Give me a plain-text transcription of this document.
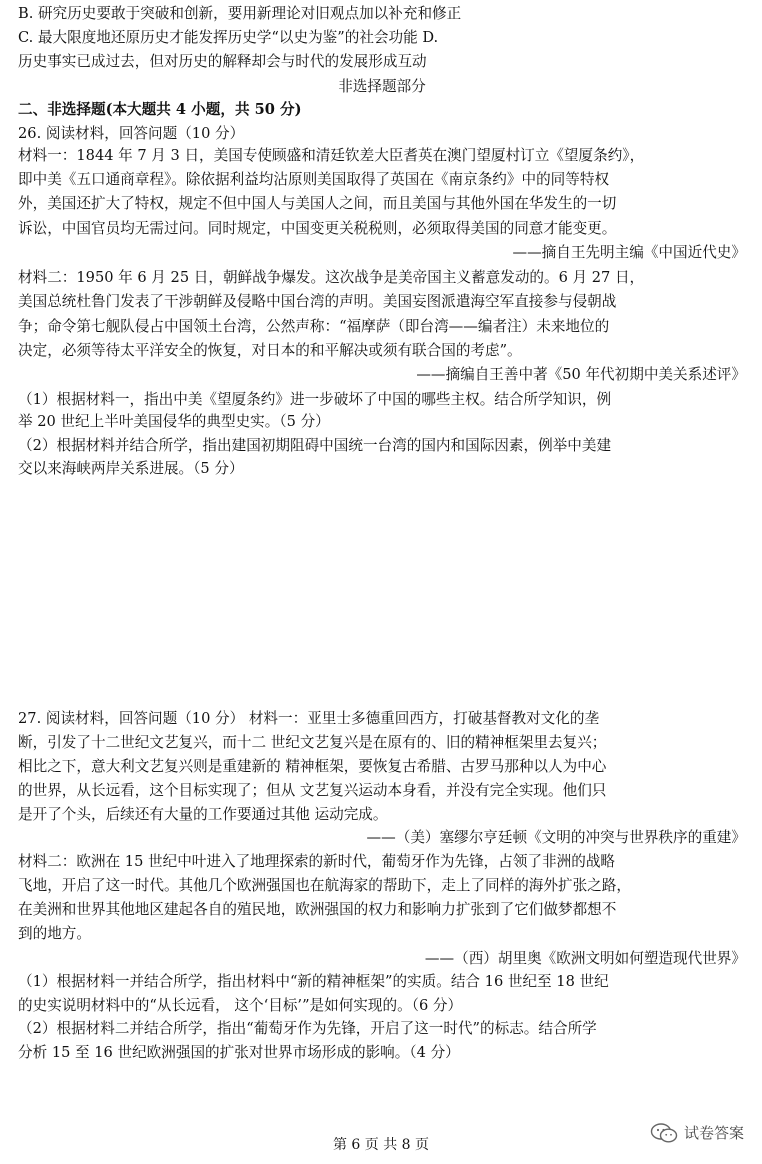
B. 研究历史要敢于突破和创新，要用新理论对旧观点加以补充和修正
C. 最大限度地还原历史才能发挥历史学“以史为鉴”的社会功能 D.
历史事实已成过去，但对历史的解释却会与时代的发展形成互动
非选择题部分
二、非选择题(本大题共 4 小题，共 50 分)
26. 阅读材料，回答问题（10 分）
材料一：1844 年 7 月 3 日，美国专使顾盛和清廷钦差大臣耆英在澳门望厦村订立《望厦条约》，
即中美《五口通商章程》。除依据利益均沾原则美国取得了英国在《南京条约》中的同等特权
外，美国还扩大了特权，规定不但中国人与美国人之间，而且美国与其他外国在华发生的一切
诉讼，中国官员均无需过问。同时规定，中国变更关税税则，必须取得美国的同意才能变更。
——摘自王先明主编《中国近代史》
材料二：1950 年 6 月 25 日，朝鲜战争爆发。这次战争是美帝国主义蓄意发动的。6 月 27 日，
美国总统杜鲁门发表了干涉朝鲜及侵略中国台湾的声明。美国妄图派遣海空军直接参与侵朝战
争；命令第七舰队侵占中国领土台湾，公然声称：“福摩萨（即台湾——编者注）未来地位的
决定，必须等待太平洋安全的恢复，对日本的和平解决或须有联合国的考虑”。
——摘编自王善中著《50 年代初期中美关系述评》
（1）根据材料一，指出中美《望厦条约》进一步破坏了中国的哪些主权。结合所学知识，例
举 20 世纪上半叶美国侵华的典型史实。（5 分）
（2）根据材料并结合所学，指出建国初期阻碍中国统一台湾的国内和国际因素，例举中美建
交以来海峡两岸关系进展。（5 分）
27. 阅读材料，回答问题（10 分） 材料一：亚里士多德重回西方，打破基督教对文化的垄
断，引发了十二世纪文艺复兴，而十二 世纪文艺复兴是在原有的、旧的精神框架里去复兴；
相比之下，意大利文艺复兴则是重建新的 精神框架，要恢复古希腊、古罗马那种以人为中心
的世界，从长远看，这个目标实现了；但从 文艺复兴运动本身看，并没有完全实现。他们只
是开了个头，后续还有大量的工作要通过其他 运动完成。
——（美）塞缪尔亨廷顿《文明的冲突与世界秩序的重建》
材料二：欧洲在 15 世纪中叶进入了地理探索的新时代，葡萄牙作为先锋，占领了非洲的战略
飞地，开启了这一时代。其他几个欧洲强国也在航海家的帮助下，走上了同样的海外扩张之路，
在美洲和世界其他地区建起各自的殖民地，欧洲强国的权力和影响力扩张到了它们做梦都想不
到的地方。
——（西）胡里奥《欧洲文明如何塑造现代世界》
（1）根据材料一并结合所学，指出材料中“新的精神框架”的实质。结合 16 世纪至 18 世纪
的史实说明材料中的“从长远看， 这个‘目标’”是如何实现的。（6 分）
（2）根据材料二并结合所学，指出“葡萄牙作为先锋，开启了这一时代”的标志。结合所学
分析 15 至 16 世纪欧洲强国的扩张对世界市场形成的影响。（4 分）
第 6 页 共 8 页
试卷答案
